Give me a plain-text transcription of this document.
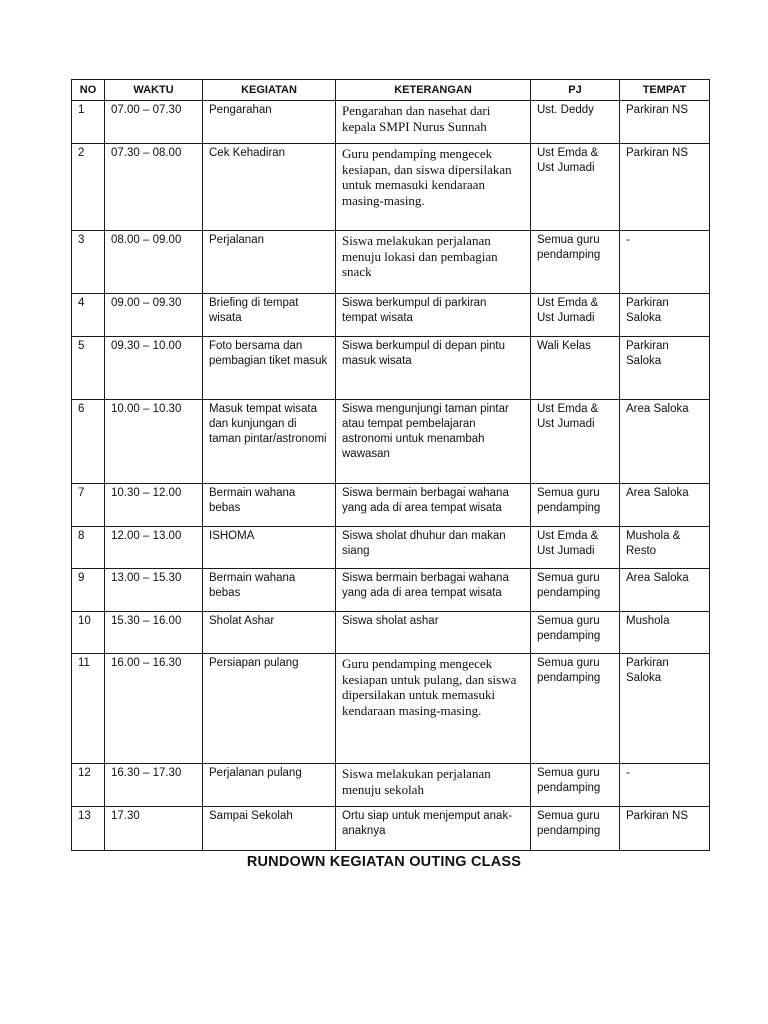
NO	WAKTU	KEGIATAN	KETERANGAN	PJ	TEMPAT
1	07.00 – 07.30	Pengarahan	Pengarahan dan nasehat dari kepala SMPI Nurus Sunnah	Ust. Deddy	Parkiran NS
2	07.30 – 08.00	Cek Kehadiran	Guru pendamping mengecek kesiapan, dan siswa dipersilakan untuk memasuki kendaraan masing-masing.	Ust Emda & Ust Jumadi	Parkiran NS
3	08.00 – 09.00	Perjalanan	Siswa melakukan perjalanan menuju lokasi dan pembagian snack	Semua guru pendamping	-
4	09.00 – 09.30	Briefing di tempat wisata	Siswa berkumpul di parkiran tempat wisata	Ust Emda & Ust Jumadi	Parkiran Saloka
5	09.30 – 10.00	Foto bersama dan pembagian tiket masuk	Siswa berkumpul di depan pintu masuk wisata	Wali Kelas	Parkiran Saloka
6	10.00 – 10.30	Masuk tempat wisata dan kunjungan di taman pintar/astronomi	Siswa mengunjungi taman pintar atau tempat pembelajaran astronomi untuk menambah wawasan	Ust Emda & Ust Jumadi	Area Saloka
7	10.30 – 12.00	Bermain wahana bebas	Siswa bermain berbagai wahana yang ada di area tempat wisata	Semua guru pendamping	Area Saloka
8	12.00 – 13.00	ISHOMA	Siswa sholat dhuhur dan makan siang	Ust Emda & Ust Jumadi	Mushola & Resto
9	13.00 – 15.30	Bermain wahana bebas	Siswa bermain berbagai wahana yang ada di area tempat wisata	Semua guru pendamping	Area Saloka
10	15.30 – 16.00	Sholat Ashar	Siswa sholat ashar	Semua guru pendamping	Mushola
11	16.00 – 16.30	Persiapan pulang	Guru pendamping mengecek kesiapan untuk pulang, dan siswa dipersilakan untuk memasuki kendaraan masing-masing.	Semua guru pendamping	Parkiran Saloka
12	16.30 – 17.30	Perjalanan pulang	Siswa melakukan perjalanan menuju sekolah	Semua guru pendamping	-
13	17.30	Sampai Sekolah	Ortu siap untuk menjemput anak-anaknya	Semua guru pendamping	Parkiran NS

RUNDOWN KEGIATAN OUTING CLASS
